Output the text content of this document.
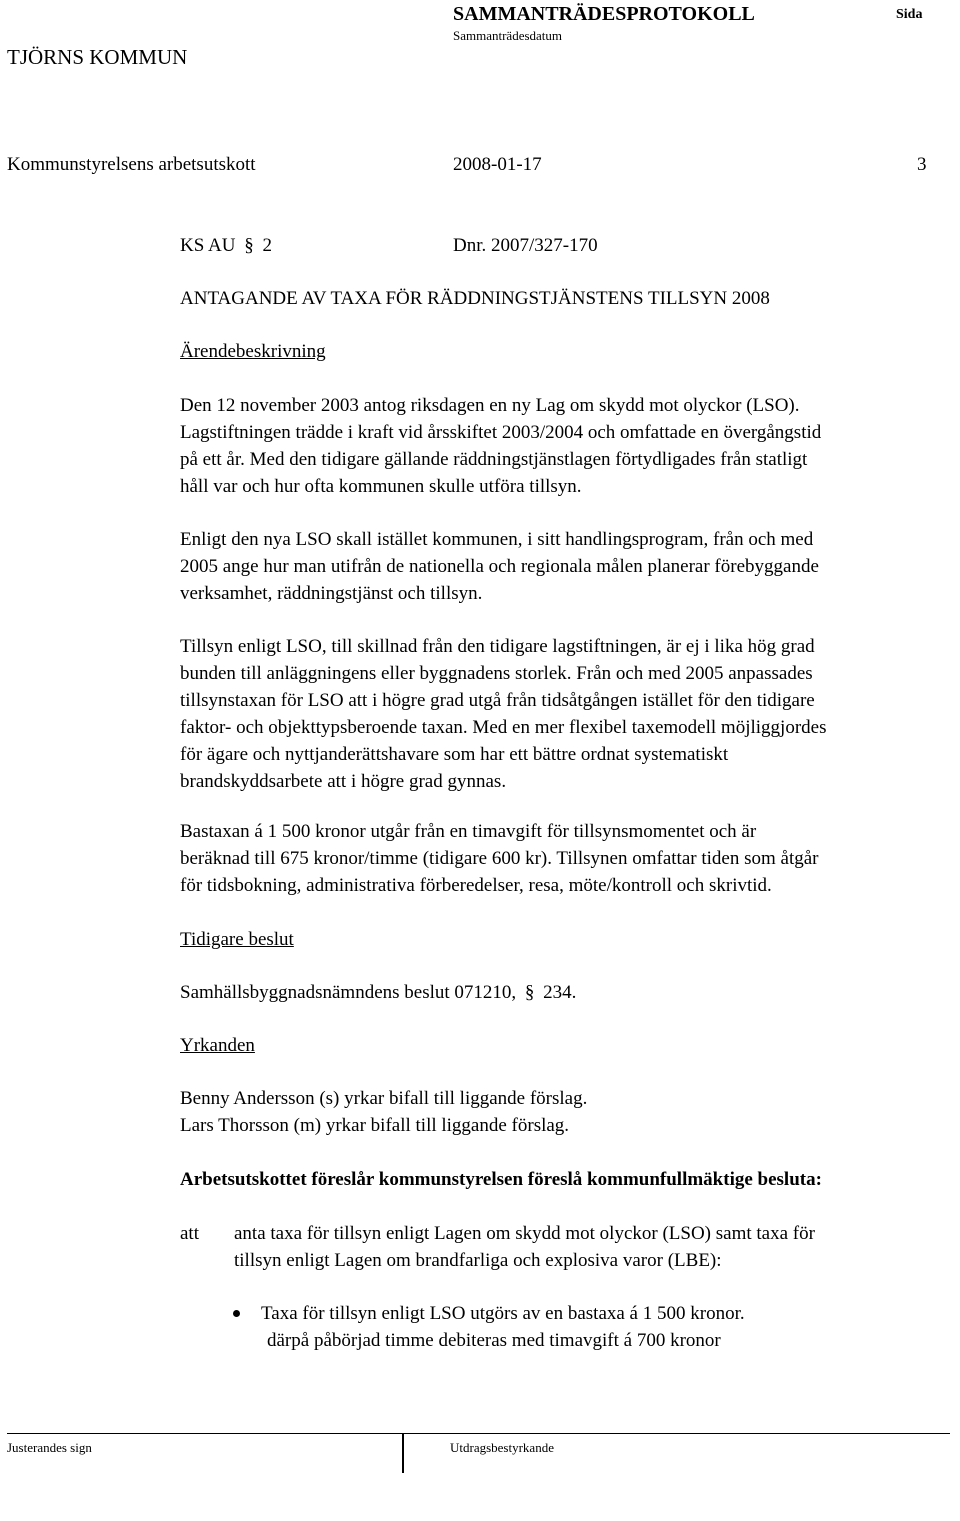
SAMMANTRÄDESPROTOKOLL
Sammanträdesdatum
Sida
TJÖRNS KOMMUN
Kommunstyrelsens arbetsutskott	2008-01-17	3
KS AU § 2	Dnr. 2007/327-170
ANTAGANDE AV TAXA FÖR RÄDDNINGSTJÄNSTENS TILLSYN 2008
Ärendebeskrivning
Den 12 november 2003 antog riksdagen en ny Lag om skydd mot olyckor (LSO).
Lagstiftningen trädde i kraft vid årsskiftet 2003/2004 och omfattade en övergångstid
på ett år. Med den tidigare gällande räddningstjänstlagen förtydligades från statligt
håll var och hur ofta kommunen skulle utföra tillsyn.
Enligt den nya LSO skall istället kommunen, i sitt handlingsprogram, från och med
2005 ange hur man utifrån de nationella och regionala målen planerar förebyggande
verksamhet, räddningstjänst och tillsyn.
Tillsyn enligt LSO, till skillnad från den tidigare lagstiftningen, är ej i lika hög grad
bunden till anläggningens eller byggnadens storlek. Från och med 2005 anpassades
tillsynstaxan för LSO att i högre grad utgå från tidsåtgången istället för den tidigare
faktor- och objekttypsberoende taxan. Med en mer flexibel taxemodell möjliggjordes
för ägare och nyttjanderättshavare som har ett bättre ordnat systematiskt
brandskyddsarbete att i högre grad gynnas.
Bastaxan á 1 500 kronor utgår från en timavgift för tillsynsmomentet och är
beräknad till 675 kronor/timme (tidigare 600 kr). Tillsynen omfattar tiden som åtgår
för tidsbokning, administrativa förberedelser, resa, möte/kontroll och skrivtid.
Tidigare beslut
Samhällsbyggnadsnämndens beslut 071210, § 234.
Yrkanden
Benny Andersson (s) yrkar bifall till liggande förslag.
Lars Thorsson (m) yrkar bifall till liggande förslag.
Arbetsutskottet föreslår kommunstyrelsen föreslå kommunfullmäktige besluta:
att anta taxa för tillsyn enligt Lagen om skydd mot olyckor (LSO) samt taxa för
tillsyn enligt Lagen om brandfarliga och explosiva varor (LBE):
Taxa för tillsyn enligt LSO utgörs av en bastaxa á 1 500 kronor.
därpå påbörjad timme debiteras med timavgift á 700 kronor
Justerandes sign	Utdragsbestyrkande
